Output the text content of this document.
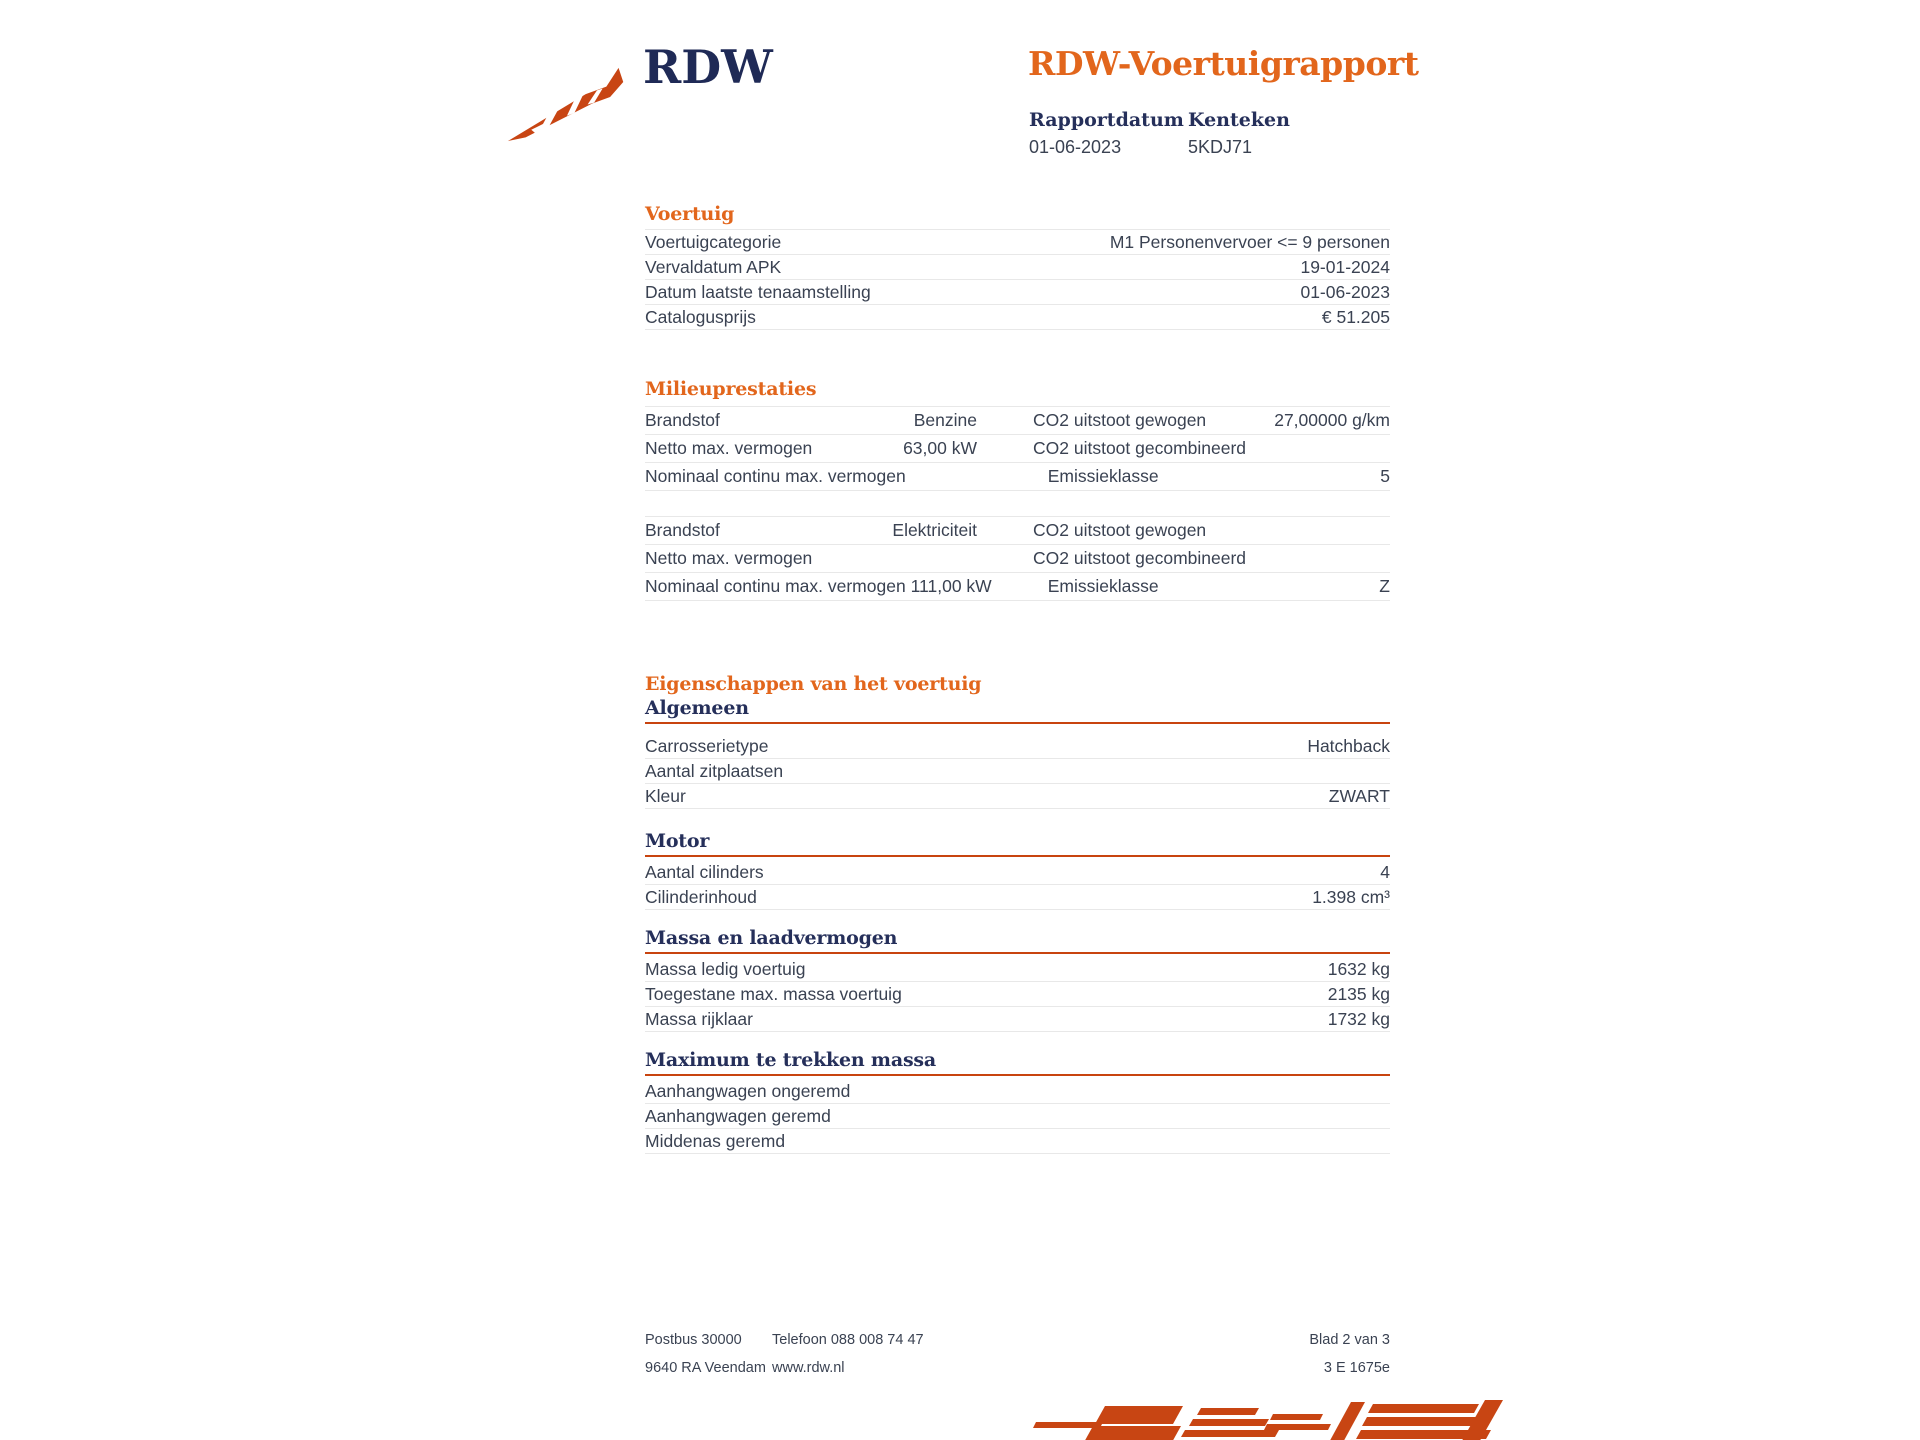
RDW	RDW-Voertuigrapport
Rapportdatum
01-06-2023
Kenteken
5KDJ71
Voertuig
Voertuigcategorie	M1 Personenvervoer <= 9 personen
Vervaldatum APK	19-01-2024
Datum laatste tenaamstelling	01-06-2023
Catalogusprijs	€ 51.205
Milieuprestaties
Brandstof	Benzine	CO2 uitstoot gewogen	27,00000 g/km
Netto max. vermogen	63,00 kW	CO2 uitstoot gecombineerd
Nominaal continu max. vermogen	Emissieklasse	5
Brandstof	Elektriciteit	CO2 uitstoot gewogen
Netto max. vermogen	CO2 uitstoot gecombineerd
Nominaal continu max. vermogen 111,00 kW	Emissieklasse	Z
Eigenschappen van het voertuig
Algemeen
Carrosserietype	Hatchback
Aantal zitplaatsen
Kleur	ZWART
Motor
Aantal cilinders	4
Cilinderinhoud	1.398 cm³
Massa en laadvermogen
Massa ledig voertuig	1632 kg
Toegestane max. massa voertuig	2135 kg
Massa rijklaar	1732 kg
Maximum te trekken massa
Aanhangwagen ongeremd
Aanhangwagen geremd
Middenas geremd
Postbus 30000	Telefoon 088 008 74 47	Blad 2 van 3
9640 RA Veendam www.rdw.nl	3 E 1675e
